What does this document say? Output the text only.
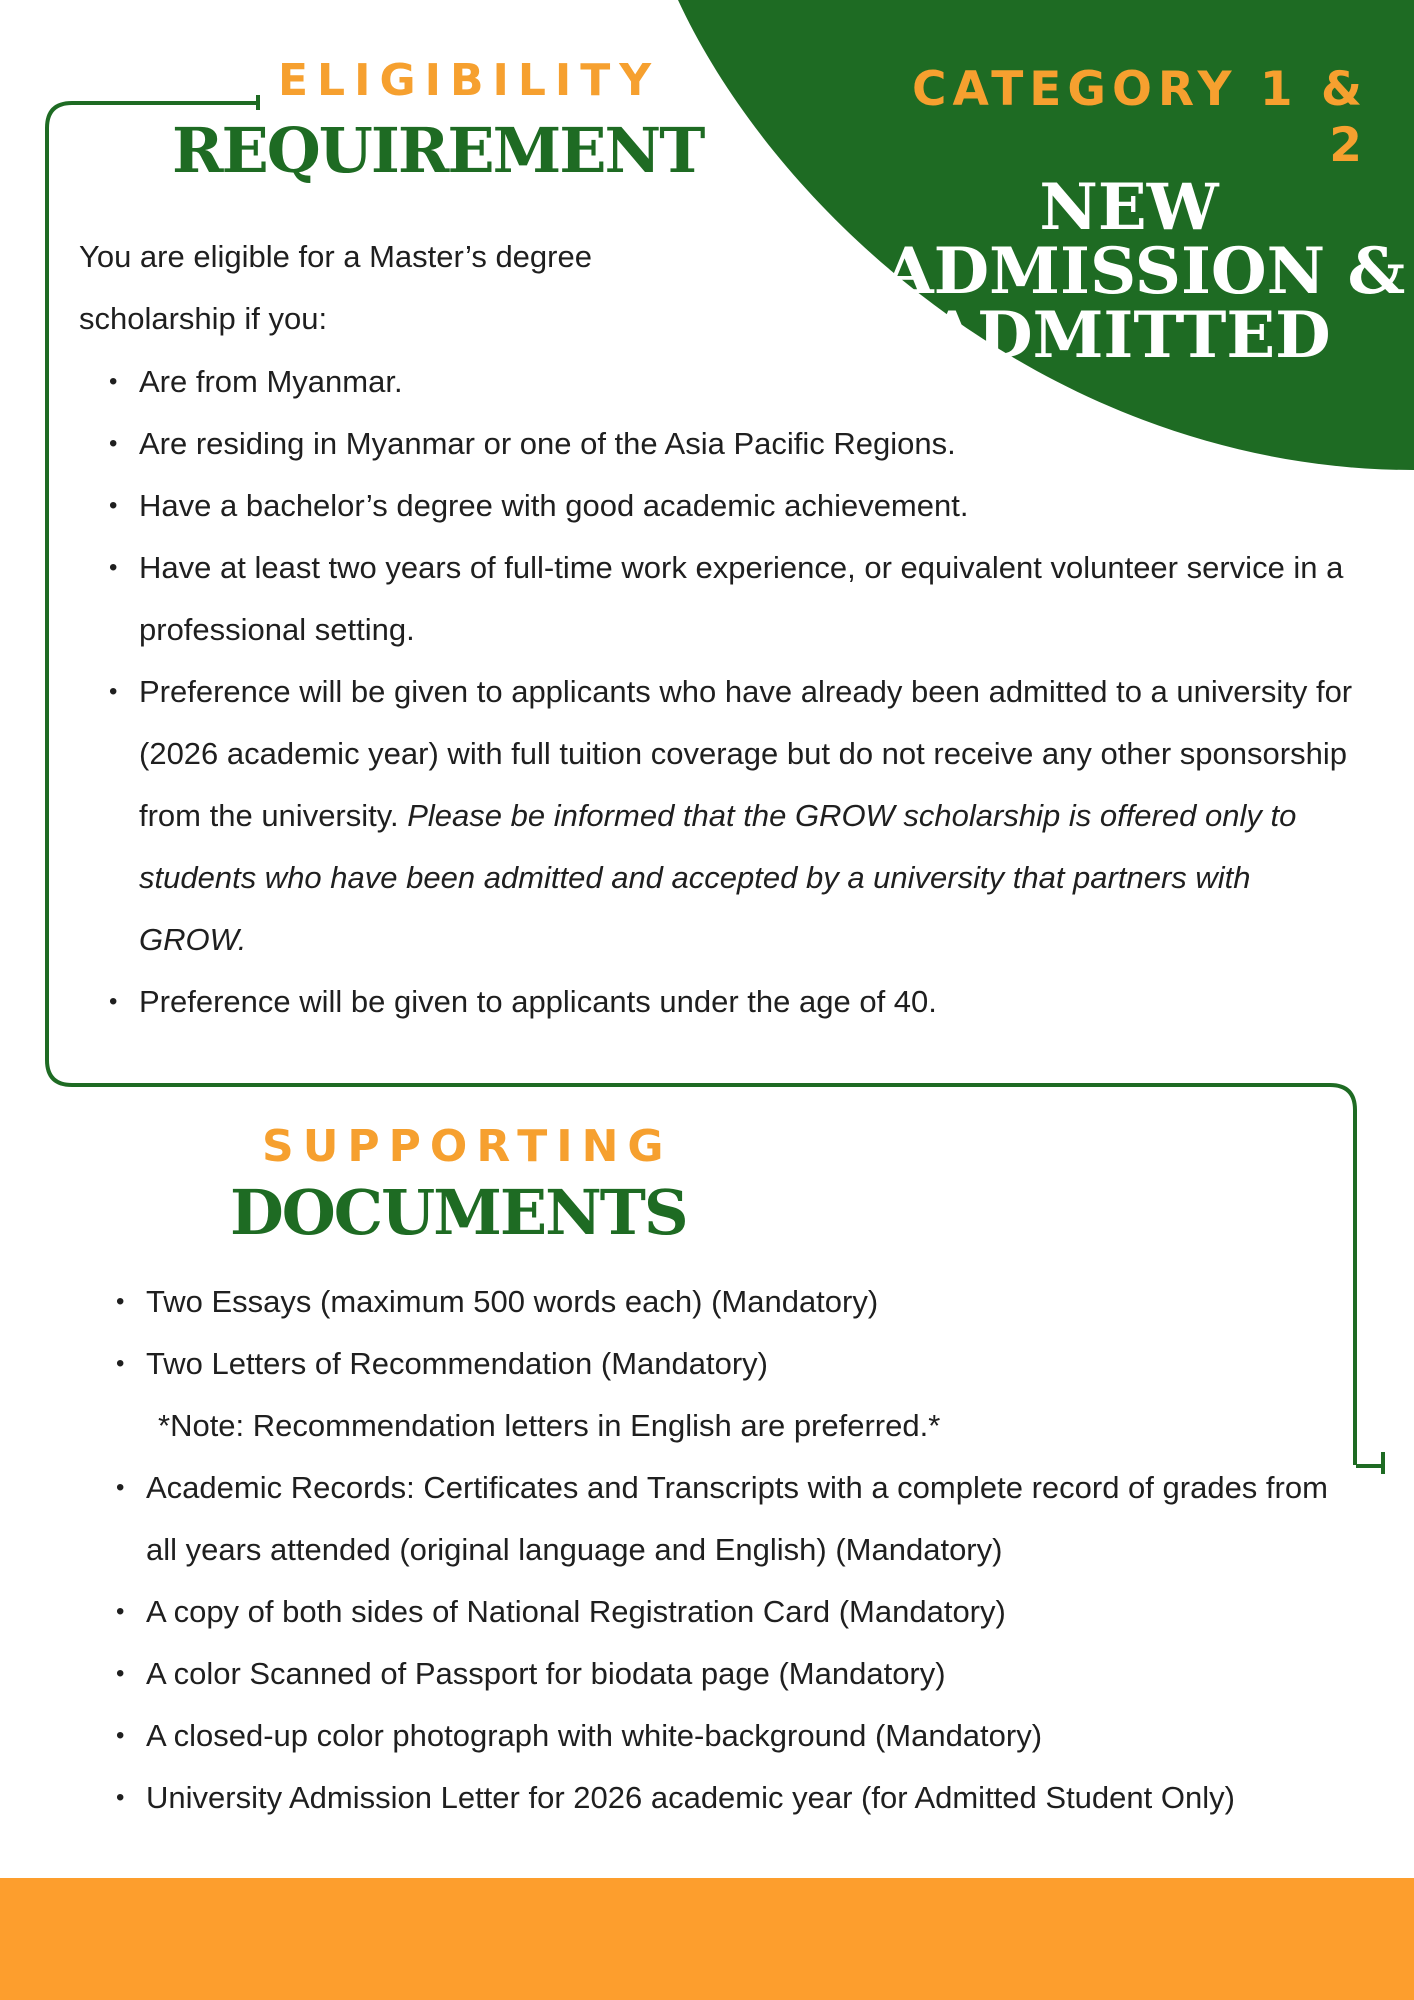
CATEGORY 1 & 2
NEW
ADMISSION &
ADMITTED
ELIGIBILITY
REQUIREMENT
You are eligible for a Master’s degree
scholarship if you:
• Are from Myanmar.
• Are residing in Myanmar or one of the Asia Pacific Regions.
• Have a bachelor’s degree with good academic achievement.
• Have at least two years of full-time work experience, or equivalent volunteer service in a professional setting.
• Preference will be given to applicants who have already been admitted to a university for (2026 academic year) with full tuition coverage but do not receive any other sponsorship from the university. Please be informed that the GROW scholarship is offered only to students who have been admitted and accepted by a university that partners with GROW.
• Preference will be given to applicants under the age of 40.
SUPPORTING
DOCUMENTS
• Two Essays (maximum 500 words each) (Mandatory)
• Two Letters of Recommendation (Mandatory)
*Note: Recommendation letters in English are preferred.*
• Academic Records: Certificates and Transcripts with a complete record of grades from all years attended (original language and English) (Mandatory)
• A copy of both sides of National Registration Card (Mandatory)
• A color Scanned of Passport for biodata page (Mandatory)
• A closed-up color photograph with white-background (Mandatory)
• University Admission Letter for 2026 academic year (for Admitted Student Only)
